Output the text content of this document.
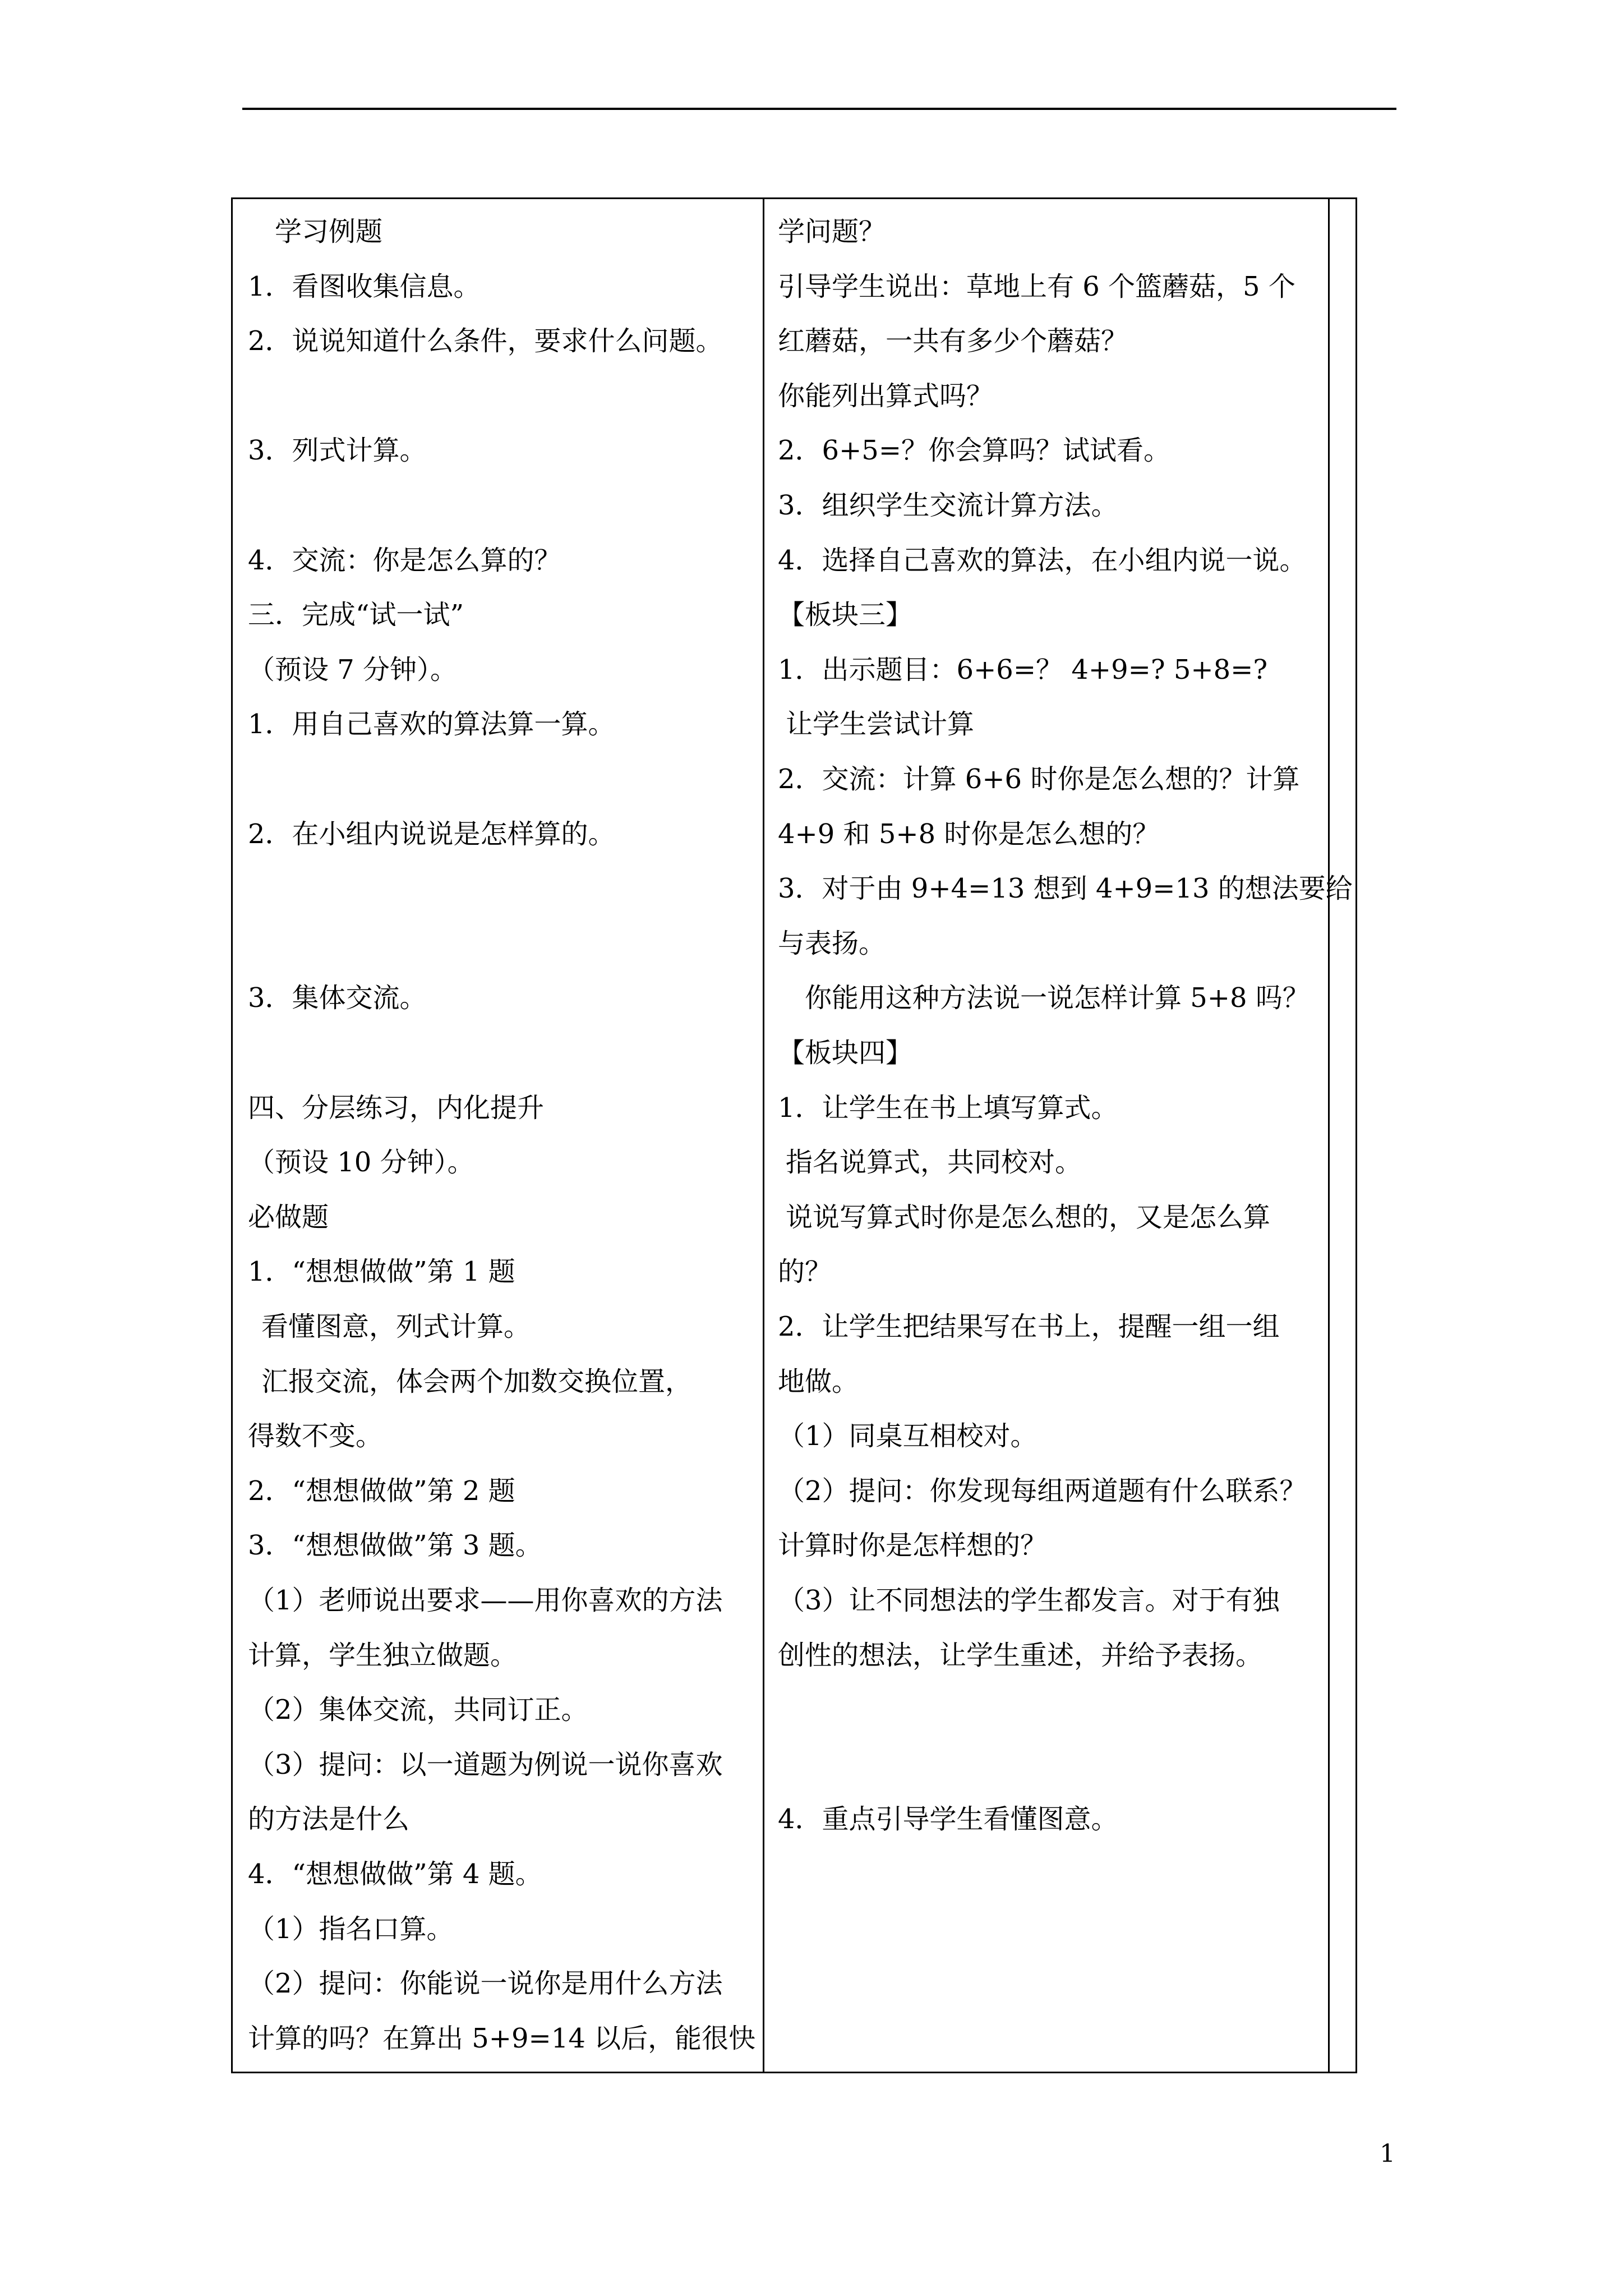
学习例题
1．看图收集信息。
2．说说知道什么条件，要求什么问题。
3．列式计算。
4．交流：你是怎么算的？
三．完成“试一试”
（预设 7 分钟）。
1．用自己喜欢的算法算一算。
2．在小组内说说是怎样算的。
3．集体交流。
四、分层练习，内化提升
（预设 10 分钟）。
必做题
1．“想想做做”第 1 题
看懂图意，列式计算。
汇报交流，体会两个加数交换位置，
得数不变。
2．“想想做做”第 2 题
3．“想想做做”第 3 题。
（1）老师说出要求——用你喜欢的方法
计算，学生独立做题。
（2）集体交流，共同订正。
（3）提问：以一道题为例说一说你喜欢
的方法是什么
4．“想想做做”第 4 题。
（1）指名口算。
（2）提问：你能说一说你是用什么方法
计算的吗？在算出 5+9=14 以后，能很快
学问题？
引导学生说出：草地上有 6 个篮蘑菇，5 个
红蘑菇，一共有多少个蘑菇？
你能列出算式吗？
2．6+5=？你会算吗？试试看。
3．组织学生交流计算方法。
4．选择自己喜欢的算法，在小组内说一说。
【板块三】
1．出示题目：6+6=？ 4+9=? 5+8=?
让学生尝试计算
2．交流：计算 6+6 时你是怎么想的？计算
4+9 和 5+8 时你是怎么想的？
3．对于由 9+4=13 想到 4+9=13 的想法要给
与表扬。
你能用这种方法说一说怎样计算 5+8 吗？
【板块四】
1．让学生在书上填写算式。
指名说算式，共同校对。
说说写算式时你是怎么想的，又是怎么算
的？
2．让学生把结果写在书上，提醒一组一组
地做。
（1）同桌互相校对。
（2）提问：你发现每组两道题有什么联系？
计算时你是怎样想的？
（3）让不同想法的学生都发言。对于有独
创性的想法，让学生重述，并给予表扬。
4．重点引导学生看懂图意。
1
